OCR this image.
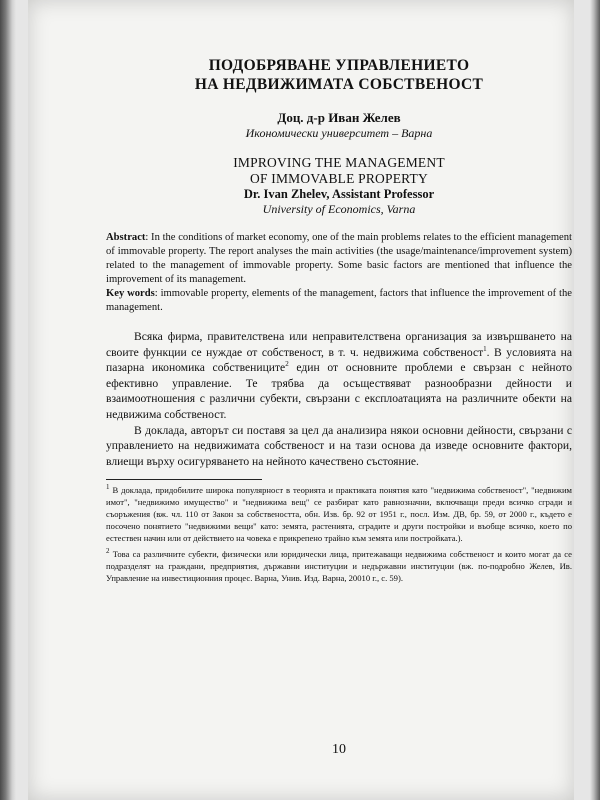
ПОДОБРЯВАНЕ УПРАВЛЕНИЕТО

НА НЕДВИЖИМАТА СОБСТВЕНОСТ

Доц. д-р Иван Желев
Икономически университет – Варна
IMPROVING THE MANAGEMENT
OF IMMOVABLE PROPERTY
Dr. Ivan Zhelev, Assistant Professor
University of Economics, Varna
Abstract: In the conditions of market economy, one of the main problems relates to the efficient management of immovable property. The report analyses the main activities (the usage/maintenance/improvement system) related to the management of immovable property. Some basic factors are mentioned that influence the improvement of its management.
Key words: immovable property, elements of the management, factors that influence the improvement of the management.
Всяка фирма, правителствена или неправителствена организация за извършването на своите функции се нуждае от собственост, в т. ч. недвижима собственост$^1$. В условията на пазарна икономика собствениците$^2$ един от основните проблеми е свързан с нейното ефективно управление. Те трябва да осъществяват разнообразни дейности и взаимоотношения с различни субекти, свързани с експлоатацията на различните обекти на недвижима собственост.
В доклада, авторът си поставя за цел да анализира някои основни дейности, свързани с управлението на недвижимата собственост и на тази основа да изведе основните фактори, влиещи върху осигуряването на нейното качествено състояние.
$^1$ В доклада, придобилите широка популярност в теорията и практиката понятия като "недвижима собственост", "недвижим имот", "недвижимо имущество" и "недвижима вещ" се разбират като равнозначни, включващи преди всичко сгради и съоръжения (вж. чл. 110 от Закон за собствеността, обн. Изв. бр. 92 от 1951 г., посл. Изм. ДВ, бр. 59, от 2000 г., където е посочено понятието "недвижими вещи" като: земята, растенията, сградите и други постройки и въобще всичко, което по естествен начин или от действието на човека е прикрепено трайно към земята или постройката.).
$^2$ Това са различните субекти, физически или юридически лица, притежаващи недвижима собственост и които могат да се подразделят на граждани, предприятия, държавни институции и недържавни институции (вж. по-подробно Желев, Ив. Управление на инвестиционния процес. Варна, Унив. Изд. Варна, 20010 г., с. 59).
10
